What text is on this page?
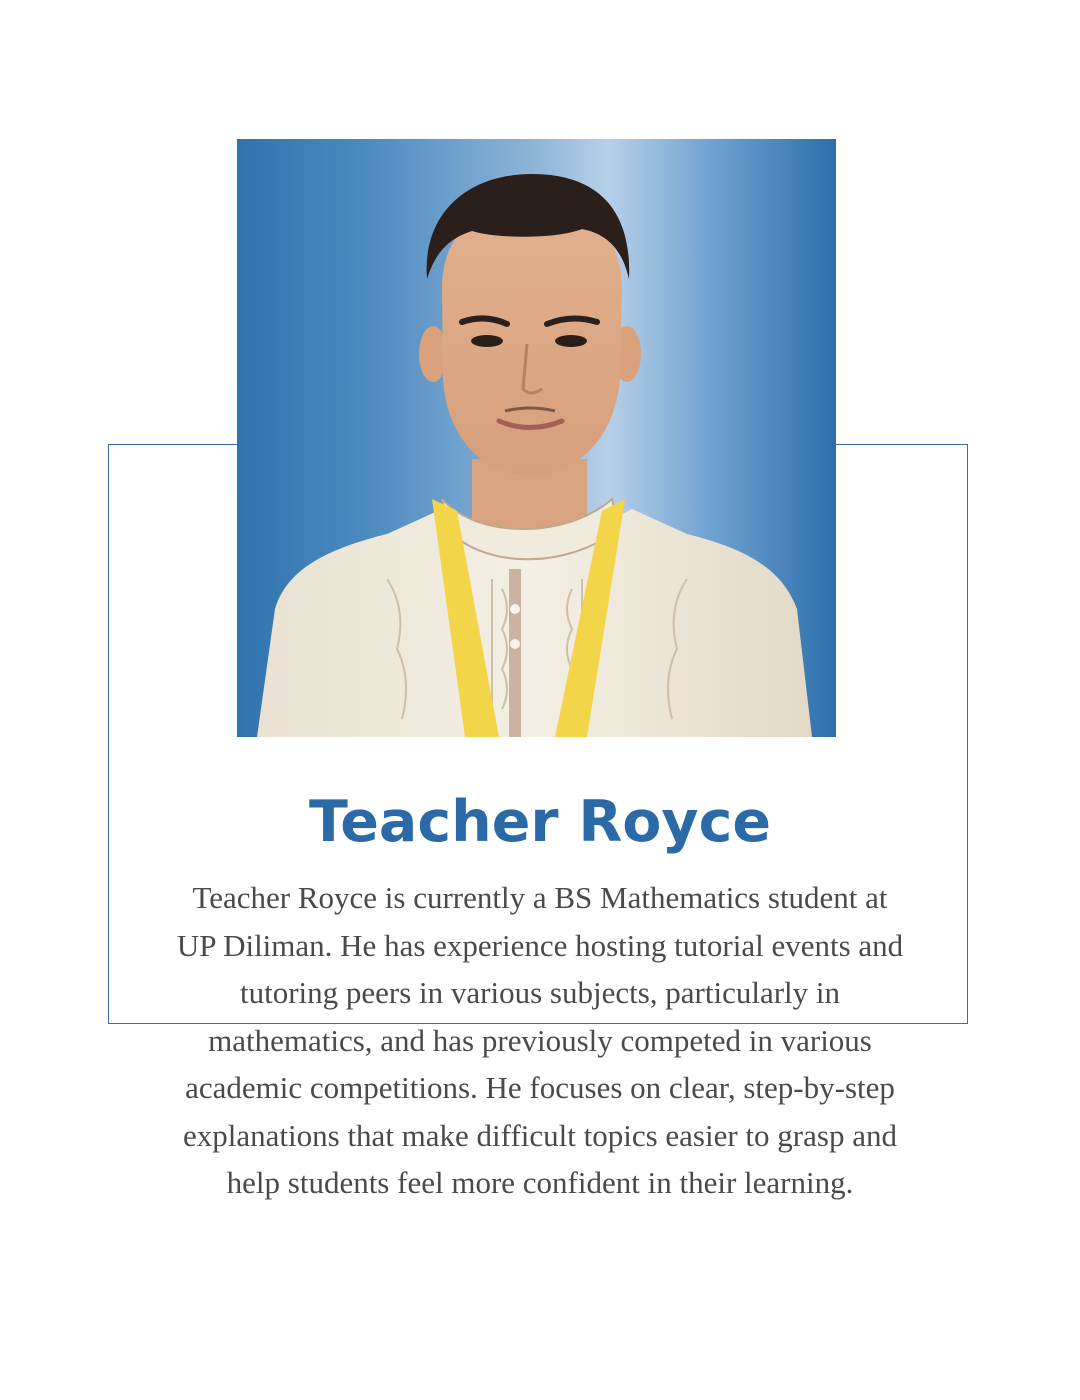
Teacher Royce

Teacher Royce is currently a BS Mathematics student at UP Diliman. He has experience hosting tutorial events and tutoring peers in various subjects, particularly in mathematics, and has previously competed in various academic competitions. He focuses on clear, step-by-step explanations that make difficult topics easier to grasp and help students feel more confident in their learning.
